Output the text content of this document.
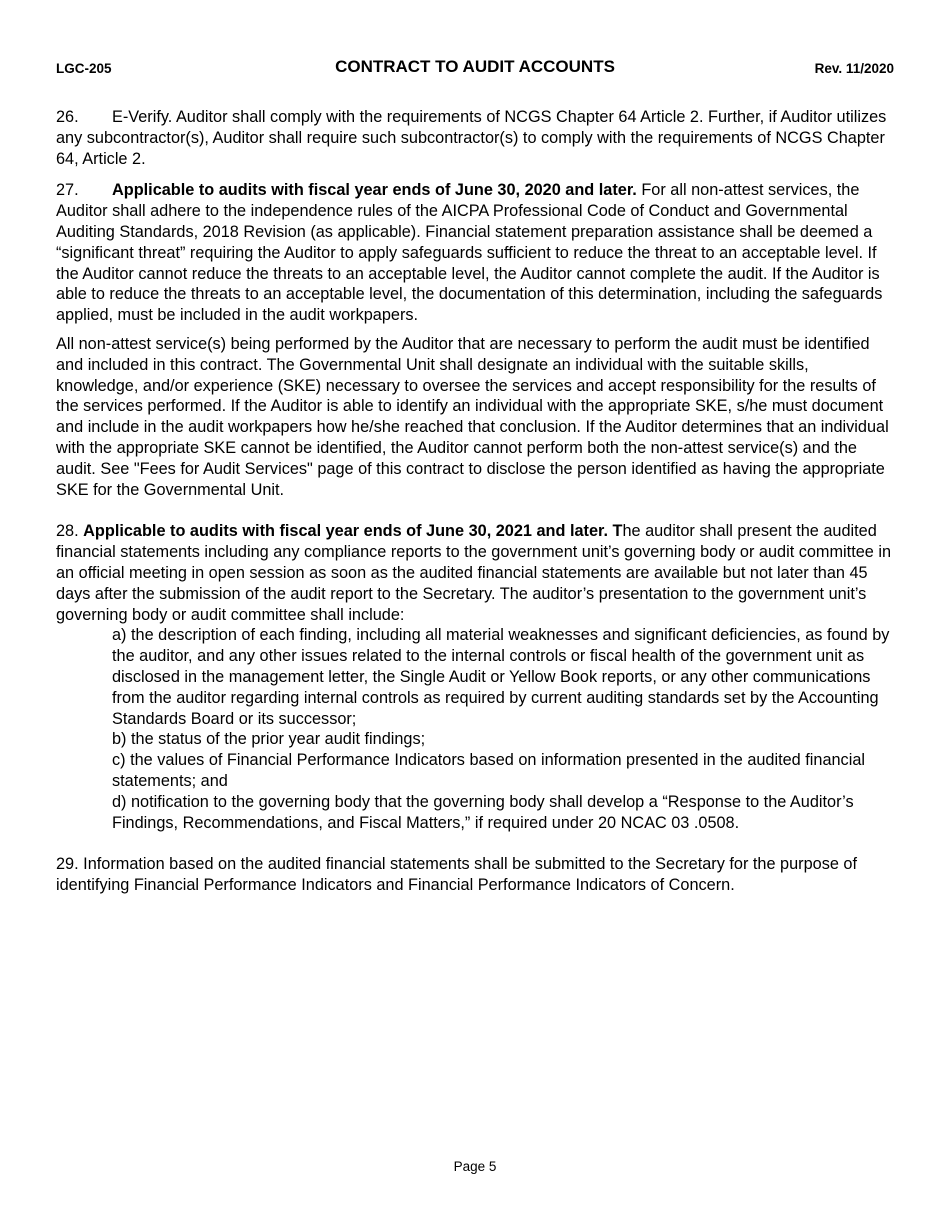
LGC-205	CONTRACT TO AUDIT ACCOUNTS	Rev. 11/2020

26. E-Verify. Auditor shall comply with the requirements of NCGS Chapter 64 Article 2. Further, if Auditor utilizes any subcontractor(s), Auditor shall require such subcontractor(s) to comply with the requirements of NCGS Chapter 64, Article 2.

27. Applicable to audits with fiscal year ends of June 30, 2020 and later. For all non-attest services, the Auditor shall adhere to the independence rules of the AICPA Professional Code of Conduct and Governmental Auditing Standards, 2018 Revision (as applicable). Financial statement preparation assistance shall be deemed a “significant threat” requiring the Auditor to apply safeguards sufficient to reduce the threat to an acceptable level. If the Auditor cannot reduce the threats to an acceptable level, the Auditor cannot complete the audit. If the Auditor is able to reduce the threats to an acceptable level, the documentation of this determination, including the safeguards applied, must be included in the audit workpapers.

All non-attest service(s) being performed by the Auditor that are necessary to perform the audit must be identified and included in this contract. The Governmental Unit shall designate an individual with the suitable skills, knowledge, and/or experience (SKE) necessary to oversee the services and accept responsibility for the results of the services performed. If the Auditor is able to identify an individual with the appropriate SKE, s/he must document and include in the audit workpapers how he/she reached that conclusion. If the Auditor determines that an individual with the appropriate SKE cannot be identified, the Auditor cannot perform both the non-attest service(s) and the audit. See "Fees for Audit Services" page of this contract to disclose the person identified as having the appropriate SKE for the Governmental Unit.

28. Applicable to audits with fiscal year ends of June 30, 2021 and later. The auditor shall present the audited financial statements including any compliance reports to the government unit’s governing body or audit committee in an official meeting in open session as soon as the audited financial statements are available but not later than 45 days after the submission of the audit report to the Secretary. The auditor’s presentation to the government unit’s governing body or audit committee shall include:

a) the description of each finding, including all material weaknesses and significant deficiencies, as found by the auditor, and any other issues related to the internal controls or fiscal health of the government unit as disclosed in the management letter, the Single Audit or Yellow Book reports, or any other communications from the auditor regarding internal controls as required by current auditing standards set by the Accounting Standards Board or its successor;

b) the status of the prior year audit findings;

c) the values of Financial Performance Indicators based on information presented in the audited financial statements; and

d) notification to the governing body that the governing body shall develop a “Response to the Auditor’s Findings, Recommendations, and Fiscal Matters,” if required under 20 NCAC 03 .0508.

29. Information based on the audited financial statements shall be submitted to the Secretary for the purpose of identifying Financial Performance Indicators and Financial Performance Indicators of Concern.

Page 5
